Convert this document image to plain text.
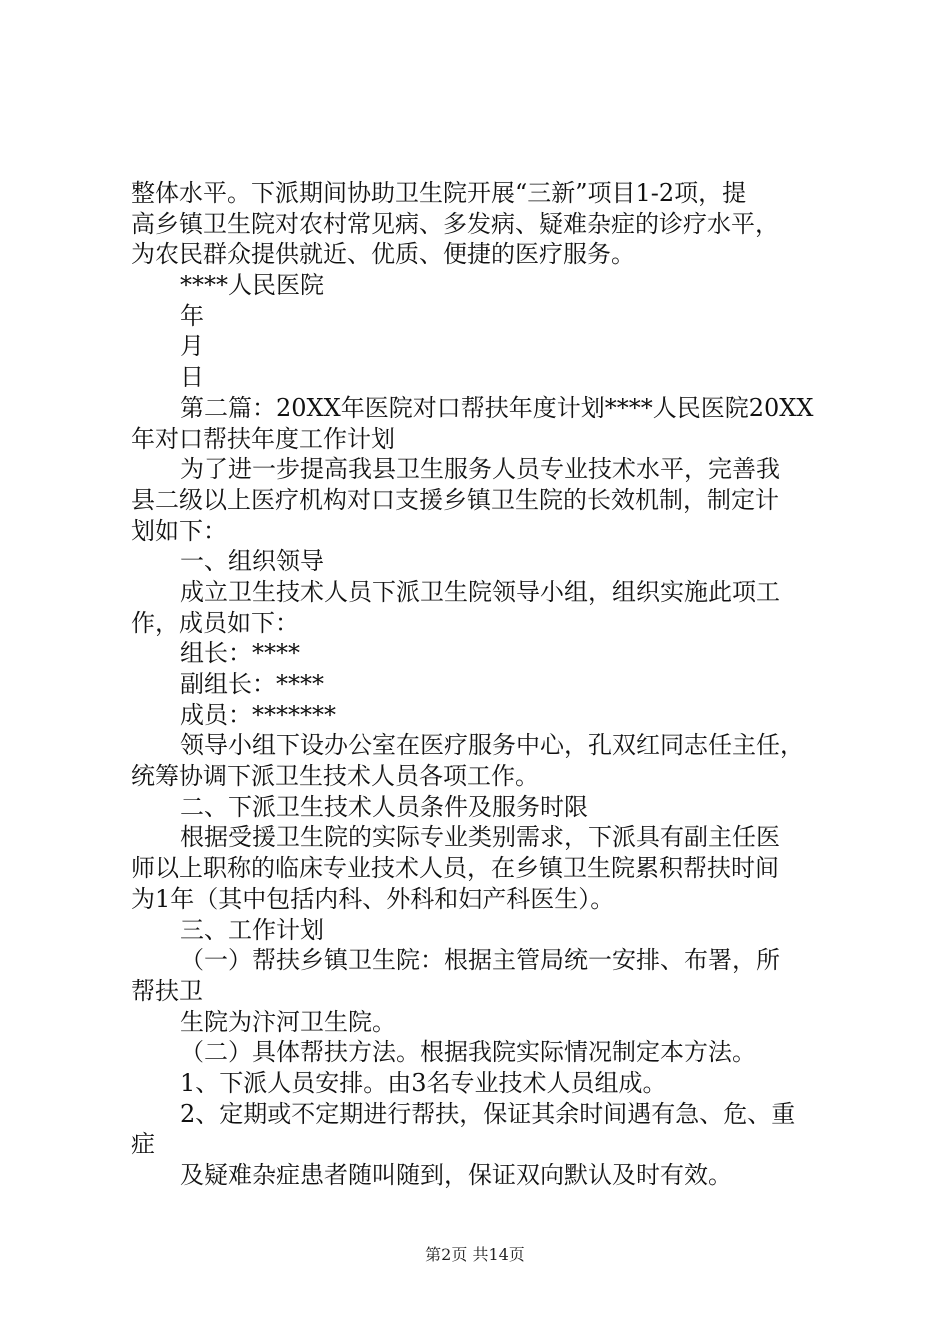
整体水平。下派期间协助卫生院开展“三新”项目1-2项，提
高乡镇卫生院对农村常见病、多发病、疑难杂症的诊疗水平，
为农民群众提供就近、优质、便捷的医疗服务。
****人民医院
年
月
日
第二篇：20XX年医院对口帮扶年度计划****人民医院20XX
年对口帮扶年度工作计划
为了进一步提高我县卫生服务人员专业技术水平，完善我
县二级以上医疗机构对口支援乡镇卫生院的长效机制，制定计
划如下：
一、组织领导
成立卫生技术人员下派卫生院领导小组，组织实施此项工
作，成员如下：
组长：****
副组长：****
成员：*******
领导小组下设办公室在医疗服务中心，孔双红同志任主任，
统筹协调下派卫生技术人员各项工作。
二、下派卫生技术人员条件及服务时限
根据受援卫生院的实际专业类别需求，下派具有副主任医
师以上职称的临床专业技术人员，在乡镇卫生院累积帮扶时间
为1年（其中包括内科、外科和妇产科医生）。
三、工作计划
（一）帮扶乡镇卫生院：根据主管局统一安排、布署，所
帮扶卫
生院为汴河卫生院。
（二）具体帮扶方法。根据我院实际情况制定本方法。
1、下派人员安排。由3名专业技术人员组成。
2、定期或不定期进行帮扶，保证其余时间遇有急、危、重
症
及疑难杂症患者随叫随到，保证双向默认及时有效。
第2页 共14页
